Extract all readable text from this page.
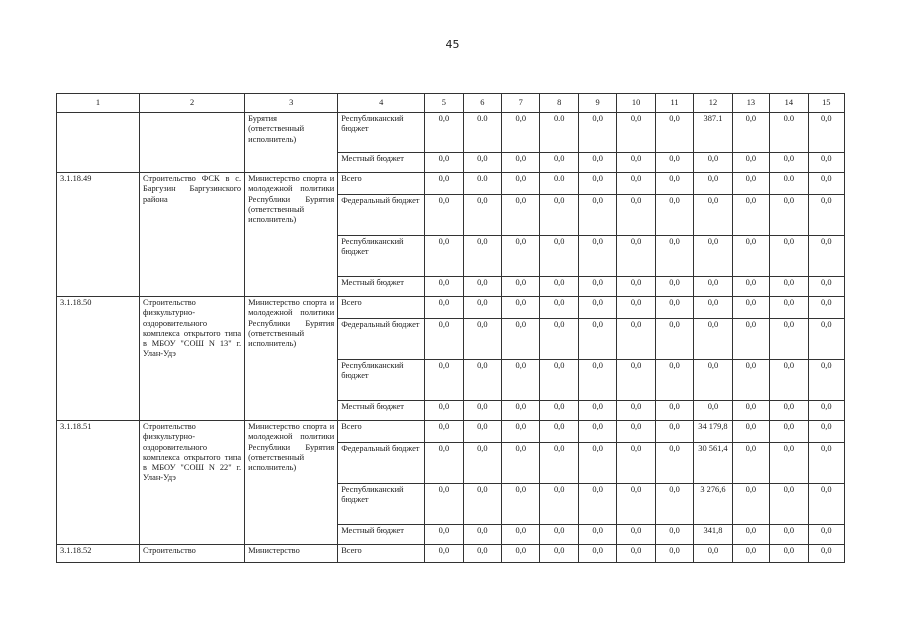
45
1	2	3	4	5	6	7	8	9	10	11	12	13	14	15
		Бурятия (ответственный исполнитель)	Республиканский бюджет	0,0	0.0	0,0	0.0	0,0	0,0	0,0	387.1	0,0	0.0	0,0
			Местный бюджет	0,0	0,0	0,0	0,0	0,0	0,0	0,0	0,0	0,0	0,0	0,0
3.1.18.49	Строительство ФСК в с. Баргузин Баргузинского района	Министерство спорта и молодежной политики Республики Бурятия (ответственный исполнитель)	Всего	0,0	0.0	0,0	0.0	0,0	0,0	0,0	0,0	0,0	0.0	0,0
			Федеральный бюджет	0,0	0,0	0,0	0,0	0,0	0,0	0,0	0,0	0,0	0,0	0,0
			Республиканский бюджет	0,0	0,0	0,0	0,0	0,0	0,0	0,0	0,0	0,0	0,0	0,0
			Местный бюджет	0,0	0,0	0,0	0,0	0,0	0,0	0,0	0,0	0,0	0,0	0,0
3.1.18.50	Строительство физкультурно-оздоровительного комплекса открытого типа в МБОУ "СОШ N 13" г. Улан-Удэ	Министерство спорта и молодежной политики Республики Бурятия (ответственный исполнитель)	Всего	0,0	0,0	0,0	0,0	0,0	0,0	0,0	0,0	0,0	0,0	0,0
			Федеральный бюджет	0,0	0,0	0,0	0,0	0,0	0,0	0,0	0,0	0,0	0,0	0,0
			Республиканский бюджет	0,0	0,0	0,0	0,0	0,0	0,0	0,0	0,0	0,0	0,0	0,0
			Местный бюджет	0,0	0,0	0,0	0,0	0,0	0,0	0,0	0,0	0,0	0,0	0,0
3.1.18.51	Строительство физкультурно-оздоровительного комплекса открытого типа в МБОУ "СОШ N 22" г. Улан-Удэ	Министерство спорта и молодежной политики Республики Бурятия (ответственный исполнитель)	Всего	0,0	0,0	0,0	0,0	0,0	0,0	0,0	34 179,8	0,0	0,0	0,0
			Федеральный бюджет	0,0	0,0	0,0	0,0	0,0	0,0	0,0	30 561,4	0,0	0,0	0,0
			Республиканский бюджет	0,0	0,0	0,0	0,0	0,0	0,0	0,0	3 276,6	0,0	0,0	0,0
			Местный бюджет	0,0	0,0	0,0	0,0	0,0	0,0	0,0	341,8	0,0	0,0	0,0
3.1.18.52	Строительство	Министерство	Всего	0,0	0,0	0,0	0,0	0,0	0,0	0,0	0,0	0,0	0,0	0,0
